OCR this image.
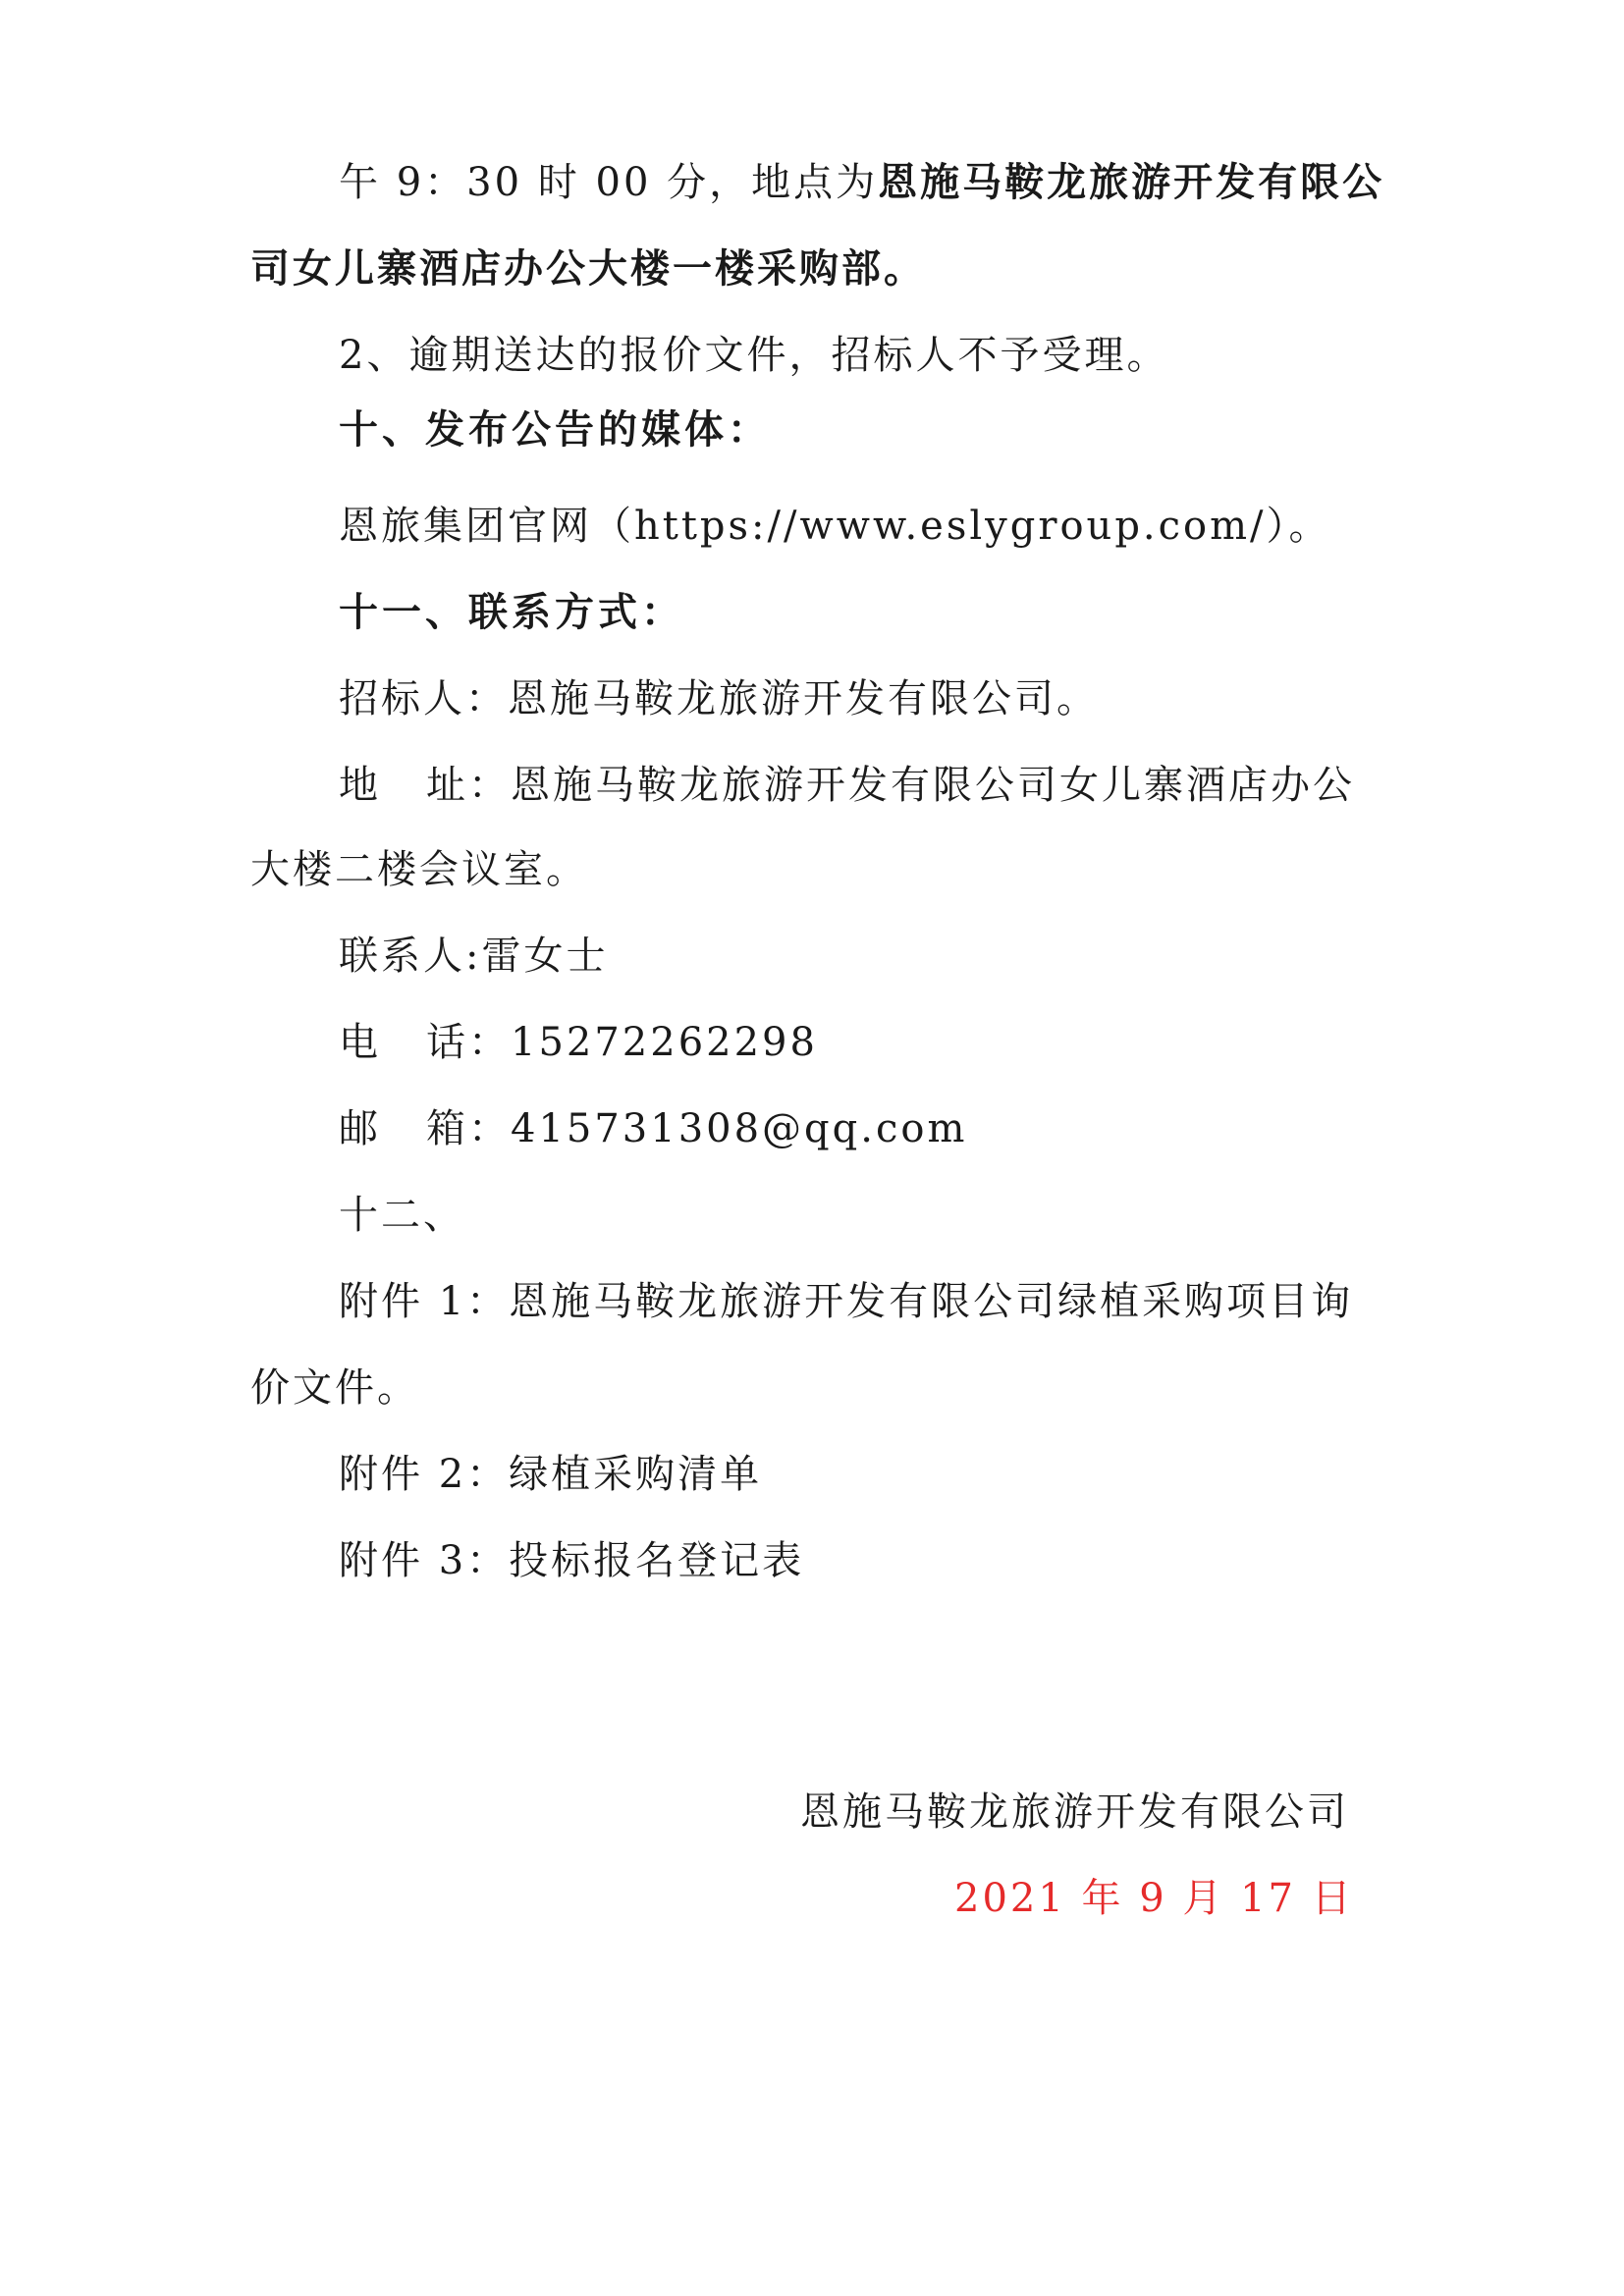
午 9：30 时 00 分，地点为恩施马鞍龙旅游开发有限公
司女儿寨酒店办公大楼一楼采购部。
2、逾期送达的报价文件，招标人不予受理。
十、发布公告的媒体：
恩旅集团官网（https://www.eslygroup.com/）。
十一、联系方式：
招标人：恩施马鞍龙旅游开发有限公司。
地 址：恩施马鞍龙旅游开发有限公司女儿寨酒店办公
大楼二楼会议室。
联系人:雷女士
电 话：15272262298
邮 箱：415731308@qq.com
十二、
附件 1：恩施马鞍龙旅游开发有限公司绿植采购项目询
价文件。
附件 2：绿植采购清单
附件 3：投标报名登记表
恩施马鞍龙旅游开发有限公司
2021 年 9 月 17 日
